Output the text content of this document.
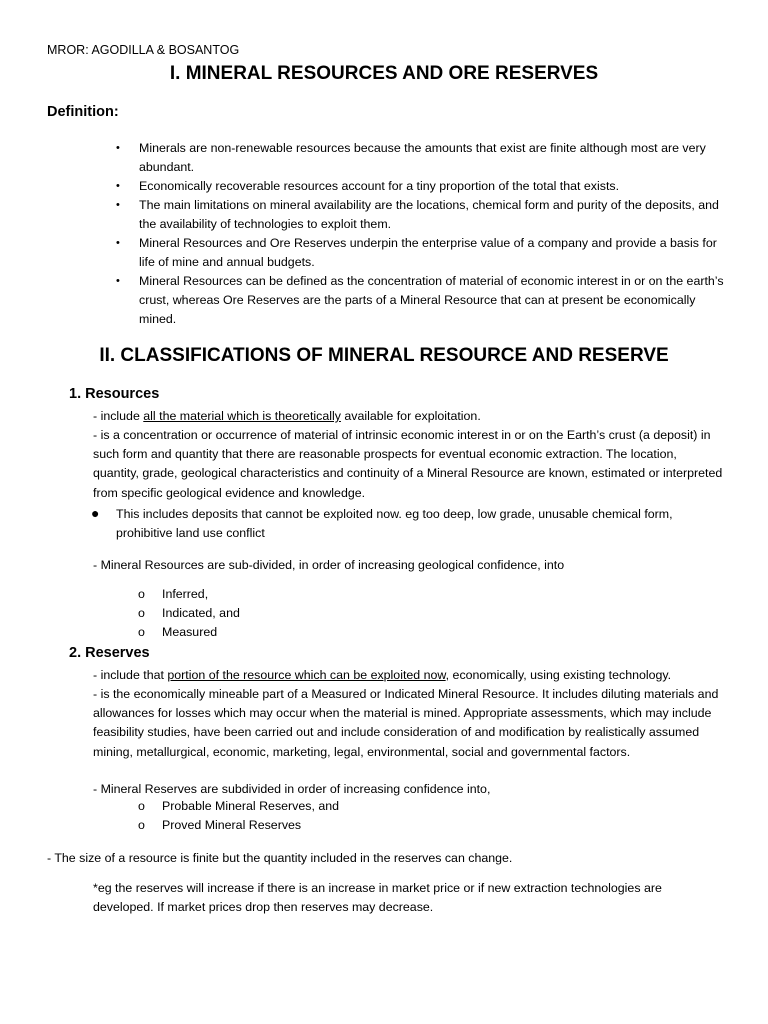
MROR: AGODILLA & BOSANTOG
I. MINERAL RESOURCES AND ORE RESERVES
Definition:
• Minerals are non-renewable resources because the amounts that exist are finite although most are very abundant.
• Economically recoverable resources account for a tiny proportion of the total that exists.
• The main limitations on mineral availability are the locations, chemical form and purity of the deposits, and the availability of technologies to exploit them.
• Mineral Resources and Ore Reserves underpin the enterprise value of a company and provide a basis for life of mine and annual budgets.
• Mineral Resources can be defined as the concentration of material of economic interest in or on the earth’s crust, whereas Ore Reserves are the parts of a Mineral Resource that can at present be economically mined.
II. CLASSIFICATIONS OF MINERAL RESOURCE AND RESERVE
1. Resources
- include all the material which is theoretically available for exploitation.
- is a concentration or occurrence of material of intrinsic economic interest in or on the Earth’s crust (a deposit) in such form and quantity that there are reasonable prospects for eventual economic extraction. The location, quantity, grade, geological characteristics and continuity of a Mineral Resource are known, estimated or interpreted from specific geological evidence and knowledge.
● This includes deposits that cannot be exploited now. eg too deep, low grade, unusable chemical form, prohibitive land use conflict
- Mineral Resources are sub-divided, in order of increasing geological confidence, into
o Inferred,
o Indicated, and
o Measured
2. Reserves
- include that portion of the resource which can be exploited now, economically, using existing technology.
- is the economically mineable part of a Measured or Indicated Mineral Resource. It includes diluting materials and allowances for losses which may occur when the material is mined. Appropriate assessments, which may include feasibility studies, have been carried out and include consideration of and modification by realistically assumed mining, metallurgical, economic, marketing, legal, environmental, social and governmental factors.
- Mineral Reserves are subdivided in order of increasing confidence into,
o Probable Mineral Reserves, and
o Proved Mineral Reserves
- The size of a resource is finite but the quantity included in the reserves can change.
*eg the reserves will increase if there is an increase in market price or if new extraction technologies are developed. If market prices drop then reserves may decrease.
